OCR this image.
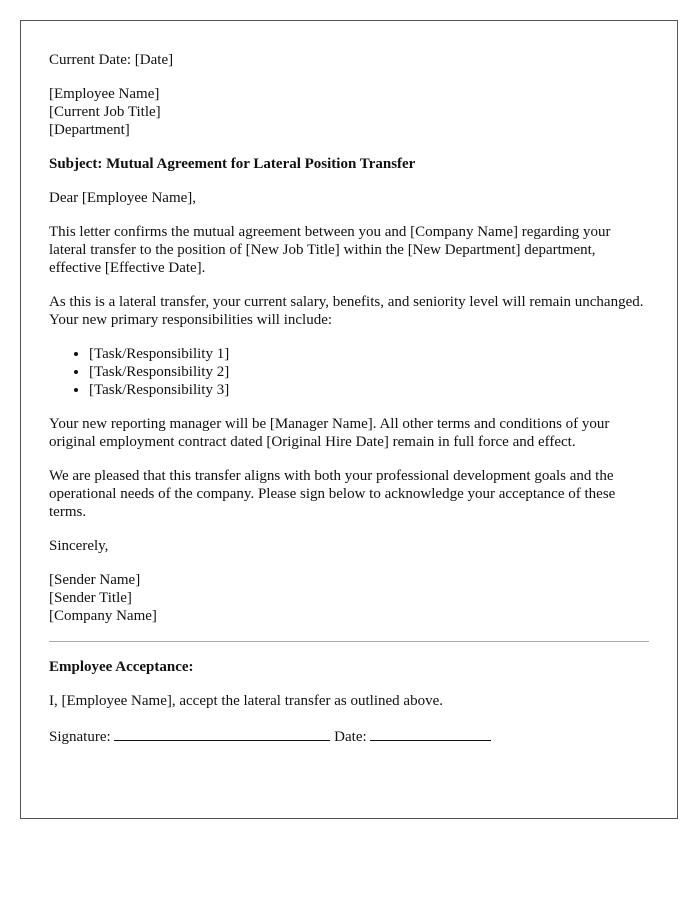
Current Date: [Date]

[Employee Name]

[Current Job Title]

[Department]

Subject: Mutual Agreement for Lateral Position Transfer

Dear [Employee Name],

This letter confirms the mutual agreement between you and [Company Name] regarding your lateral transfer to the position of [New Job Title] within the [New Department] department, effective [Effective Date].

As this is a lateral transfer, your current salary, benefits, and seniority level will remain unchanged. Your new primary responsibilities will include:

• [Task/Responsibility 1]
• [Task/Responsibility 2]
• [Task/Responsibility 3]

Your new reporting manager will be [Manager Name]. All other terms and conditions of your original employment contract dated [Original Hire Date] remain in full force and effect.

We are pleased that this transfer aligns with both your professional development goals and the operational needs of the company. Please sign below to acknowledge your acceptance of these terms.

Sincerely,

[Sender Name]

[Sender Title]

[Company Name]

Employee Acceptance:

I, [Employee Name], accept the lateral transfer as outlined above.

Signature:	Date:
